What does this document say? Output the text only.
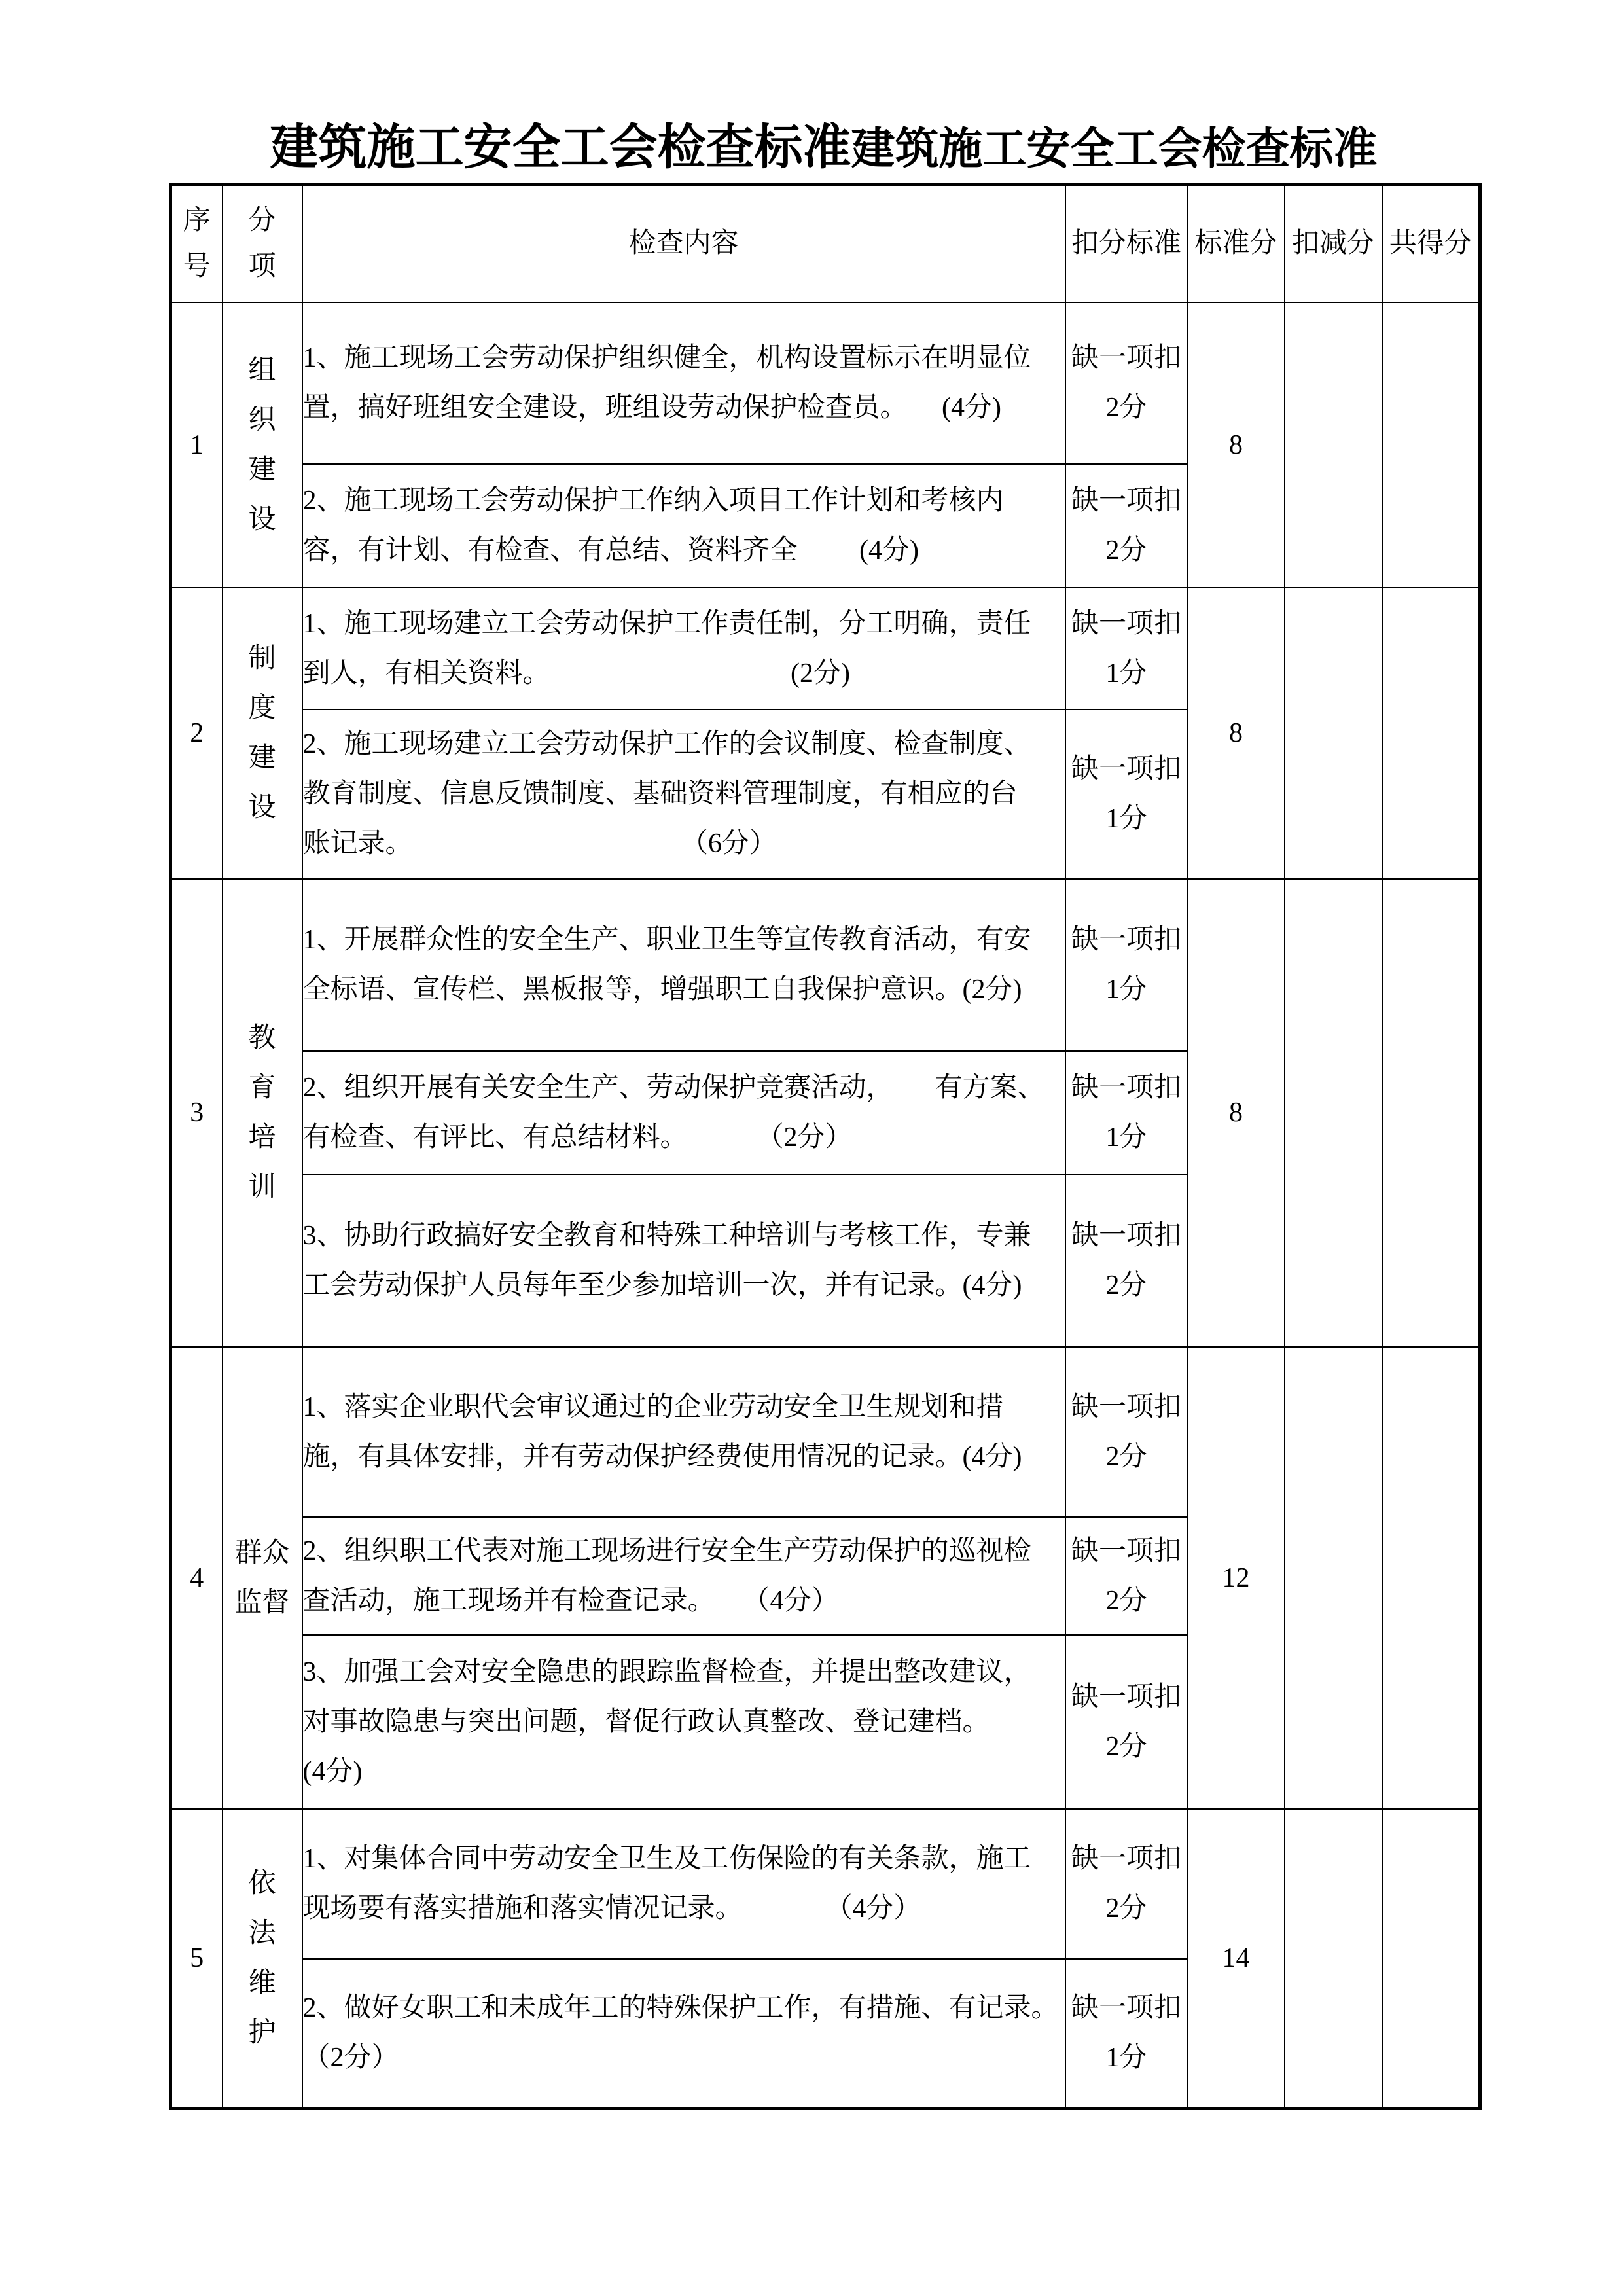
建筑施工安全工会检查标准建筑施工安全工会检查标准
序号	分项	检查内容	扣分标准	标准分	扣减分	共得分
1	组织建设	1、施工现场工会劳动保护组织健全，机构设置标示在明显位
置，搞好班组安全建设，班组设劳动保护检查员。     (4分)	缺一项扣
2分	8		

		2、施工现场工会劳动保护工作纳入项目工作计划和考核内
容，有计划、有检查、有总结、资料齐全         (4分)	缺一项扣
2分			

2	制度建设	1、施工现场建立工会劳动保护工作责任制，分工明确，责任
到人，有相关资料。                                   (2分)	缺一项扣
1分	8		

		2、施工现场建立工会劳动保护工作的会议制度、检查制度、
教育制度、信息反馈制度、基础资料管理制度，有相应的台
账记录。                                       （6分）	缺一项扣
1分			

3	教育培训	1、开展群众性的安全生产、职业卫生等宣传教育活动，有安
全标语、宣传栏、黑板报等，增强职工自我保护意识。(2分)	缺一项扣
1分	8		

		2、组织开展有关安全生产、劳动保护竞赛活动，      有方案、
有检查、有评比、有总结材料。          （2分）	缺一项扣
1分			

		3、协助行政搞好安全教育和特殊工种培训与考核工作，专兼
工会劳动保护人员每年至少参加培训一次，并有记录。(4分)	缺一项扣
2分			

4	群众监督	1、落实企业职代会审议通过的企业劳动安全卫生规划和措
施，有具体安排，并有劳动保护经费使用情况的记录。(4分)	缺一项扣
2分	12		

		2、组织职工代表对施工现场进行安全生产劳动保护的巡视检
查活动，施工现场并有检查记录。    （4分）	缺一项扣
2分			

		3、加强工会对安全隐患的跟踪监督检查，并提出整改建议，
对事故隐患与突出问题，督促行政认真整改、登记建档。
(4分)	缺一项扣
2分			

5	依法维护	1、对集体合同中劳动安全卫生及工伤保险的有关条款，施工
现场要有落实措施和落实情况记录。            （4分）	缺一项扣
2分	14		

		2、做好女职工和未成年工的特殊保护工作，有措施、有记录。
（2分）	缺一项扣
1分			
